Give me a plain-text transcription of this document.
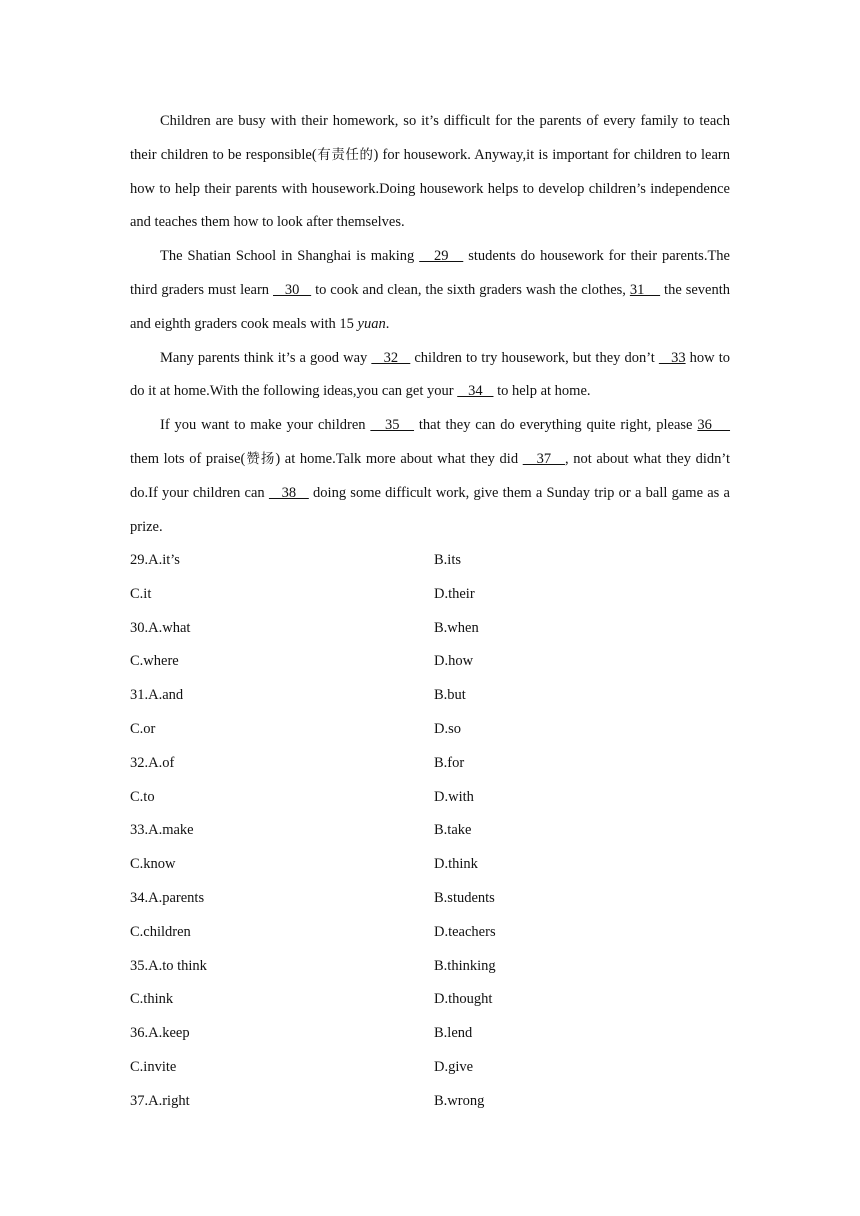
Children are busy with their homework, so it’s difficult for the parents of every family to teach their children to be responsible(有责任的) for housework. Anyway,it is important for children to learn how to help their parents with housework.Doing housework helps to develop children’s independence and teaches them how to look after themselves.

The Shatian School in Shanghai is making    29    students do housework for their parents.The third graders must learn    30    to cook and clean, the sixth graders wash the clothes, 31     the seventh and eighth graders cook meals with 15 yuan.

Many parents think it’s a good way    32    children to try housework, but they don’t    33 how to do it at home.With the following ideas,you can get your    34    to help at home.

If you want to make your children    35    that they can do everything quite right, please 36     them lots of praise(赞扬) at home.Talk more about what they did    37   , not about what they didn’t do.If your children can    38    doing some difficult work, give them a Sunday trip or a ball game as a prize.

29.A.it’s	B.its
C.it	D.their
30.A.what	B.when
C.where	D.how
31.A.and	B.but
C.or	D.so
32.A.of	B.for
C.to	D.with
33.A.make	B.take
C.know	D.think
34.A.parents	B.students
C.children	D.teachers
35.A.to think	B.thinking
C.think	D.thought
36.A.keep	B.lend
C.invite	D.give
37.A.right	B.wrong
